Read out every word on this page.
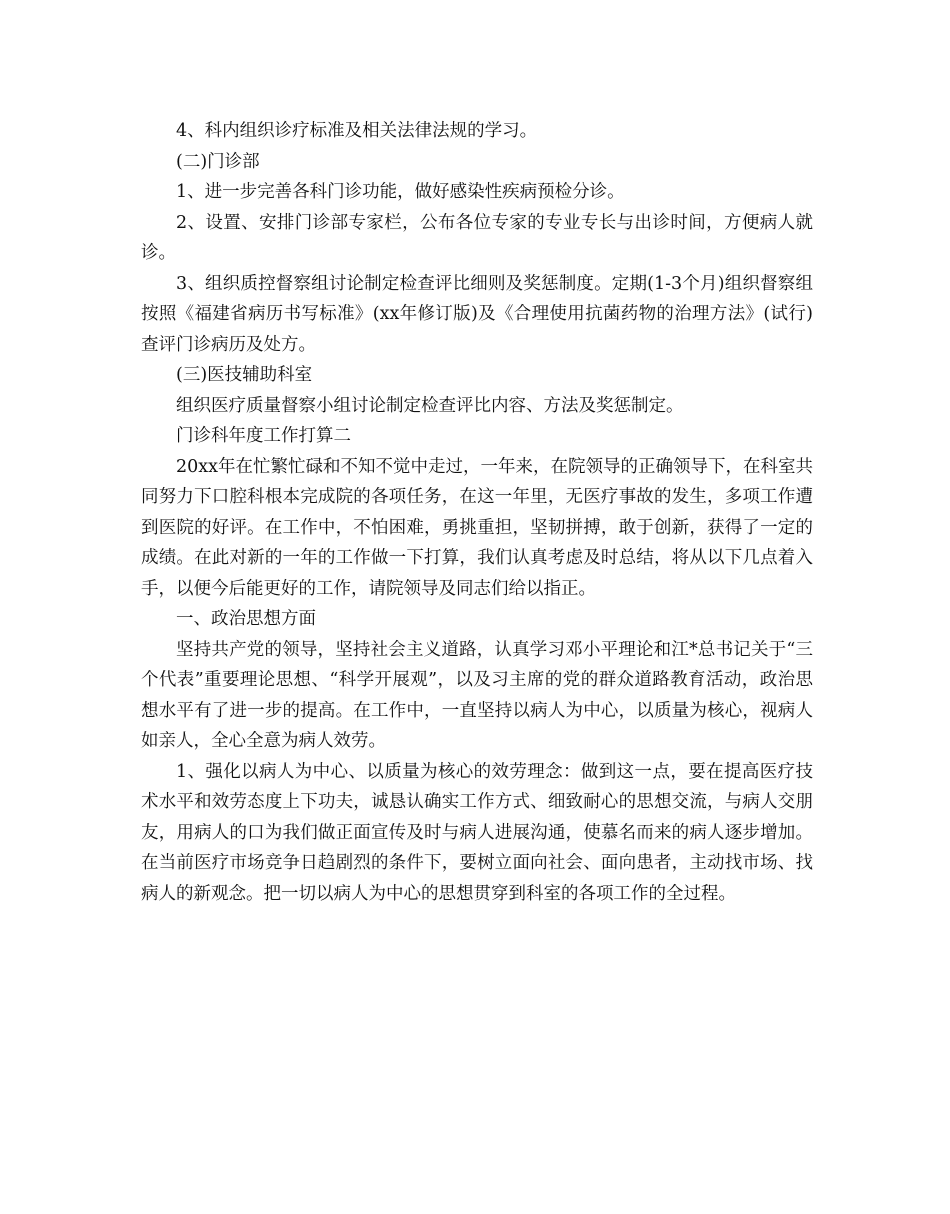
4、科内组织诊疗标准及相关法律法规的学习。

(二)门诊部

1、进一步完善各科门诊功能，做好感染性疾病预检分诊。

2、设置、安排门诊部专家栏，公布各位专家的专业专长与出诊时间，方便病人就诊。

3、组织质控督察组讨论制定检查评比细则及奖惩制度。定期(1-3个月)组织督察组按照《福建省病历书写标准》(xx年修订版)及《合理使用抗菌药物的治理方法》(试行)查评门诊病历及处方。

(三)医技辅助科室

组织医疗质量督察小组讨论制定检查评比内容、方法及奖惩制定。

门诊科年度工作打算二

20xx年在忙繁忙碌和不知不觉中走过，一年来，在院领导的正确领导下，在科室共同努力下口腔科根本完成院的各项任务，在这一年里，无医疗事故的发生，多项工作遭到医院的好评。在工作中，不怕困难，勇挑重担，坚韧拼搏，敢于创新，获得了一定的成绩。在此对新的一年的工作做一下打算，我们认真考虑及时总结，将从以下几点着入手，以便今后能更好的工作，请院领导及同志们给以指正。

一、政治思想方面

坚持共产党的领导，坚持社会主义道路，认真学习邓小平理论和江*总书记关于“三个代表”重要理论思想、“科学开展观”，以及习主席的党的群众道路教育活动，政治思想水平有了进一步的提高。在工作中，一直坚持以病人为中心，以质量为核心，视病人如亲人，全心全意为病人效劳。

1、强化以病人为中心、以质量为核心的效劳理念：做到这一点，要在提高医疗技术水平和效劳态度上下功夫，诚恳认确实工作方式、细致耐心的思想交流，与病人交朋友，用病人的口为我们做正面宣传及时与病人进展沟通，使慕名而来的病人逐步增加。在当前医疗市场竞争日趋剧烈的条件下，要树立面向社会、面向患者，主动找市场、找病人的新观念。把一切以病人为中心的思想贯穿到科室的各项工作的全过程。
